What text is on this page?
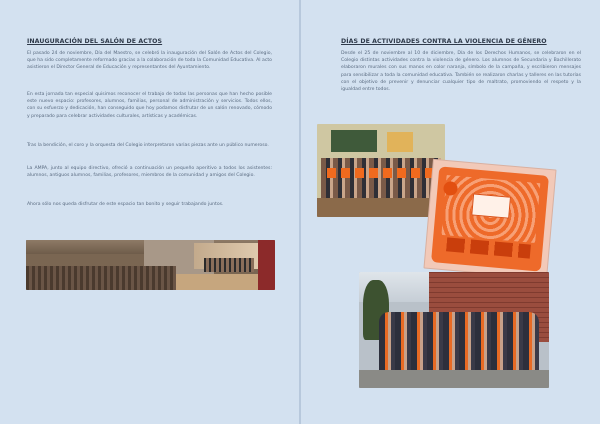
INAUGURACIÓN DEL SALÓN DE ACTOS
El pasado 24 de noviembre, Día del Maestro, se celebró la inauguración del Salón de Actos del Colegio, que ha sido completamente reformado gracias a la colaboración de toda la Comunidad Educativa. Al acto asistieron el Director General de Educación y representantes del Ayuntamiento.
En esta jornada tan especial quisimos reconocer el trabajo de todas las personas que han hecho posible este nuevo espacio: profesores, alumnos, familias, personal de administración y servicios. Todos ellos, con su esfuerzo y dedicación, han conseguido que hoy podamos disfrutar de un salón renovado, cómodo y preparado para celebrar actividades culturales, artísticas y académicas.
Tras la bendición, el coro y la orquesta del Colegio interpretaron varias piezas ante un público numeroso.
La AMPA, junto al equipo directivo, ofreció a continuación un pequeño aperitivo a todos los asistentes: alumnos, antiguos alumnos, familias, profesores, miembros de la comunidad y amigos del Colegio.
Ahora sólo nos queda disfrutar de este espacio tan bonito y seguir trabajando juntos.
DÍAS DE ACTIVIDADES CONTRA LA VIOLENCIA DE GÉNERO
Desde el 25 de noviembre al 10 de diciembre, Día de los Derechos Humanos, se celebraron en el Colegio distintas actividades contra la violencia de género. Los alumnos de Secundaria y Bachillerato elaboraron murales con sus manos en color naranja, símbolo de la campaña, y escribieron mensajes para sensibilizar a toda la comunidad educativa. También se realizaron charlas y talleres en las tutorías con el objetivo de prevenir y denunciar cualquier tipo de maltrato, promoviendo el respeto y la igualdad entre todos.
